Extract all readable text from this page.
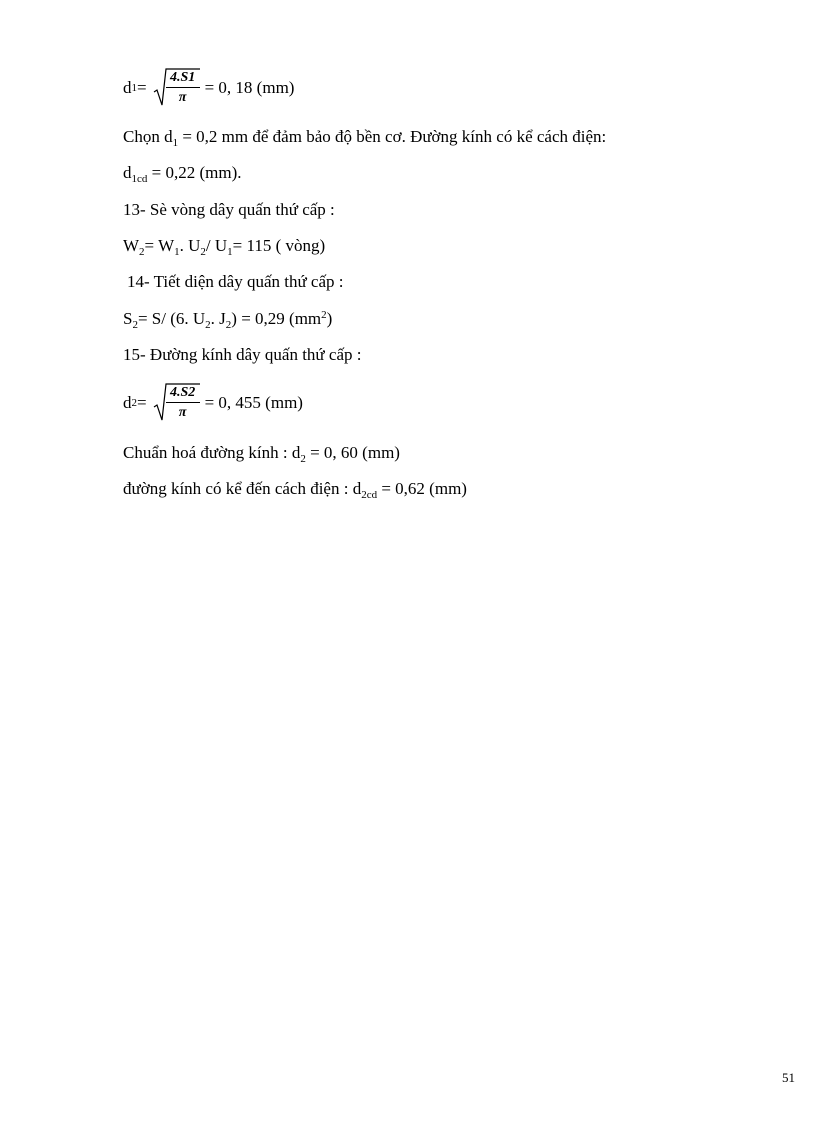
d $1 = \frac{4.S1}{\pi} = 0$, 18 (mm)
Chọn $d_1 = 0,2$ mm để đảm bảo độ bền cơ. Đường kính có kể cách điện:
$d_{1cd} = 0,22$ (mm).
13- Sè vòng dây quấn thứ cấp :
$W_2= W_1$. $U_2/$ $U_1= 115$ ( vòng)
14- Tiết diện dây quấn thứ cấp :
$S_2= S/$ (6. $U_2$. $J_2) = 0,29$ $(mm^2)$
15- Đường kính dây quấn thứ cấp :
d $2 = \frac{4.S2}{\pi} = 0$, 455 (mm)
Chuẩn hoá đường kính : $d_2 = 0$, 60 (mm)
đường kính có kể đến cách điện : $d_{2cd} = 0,62$ (mm)
51
